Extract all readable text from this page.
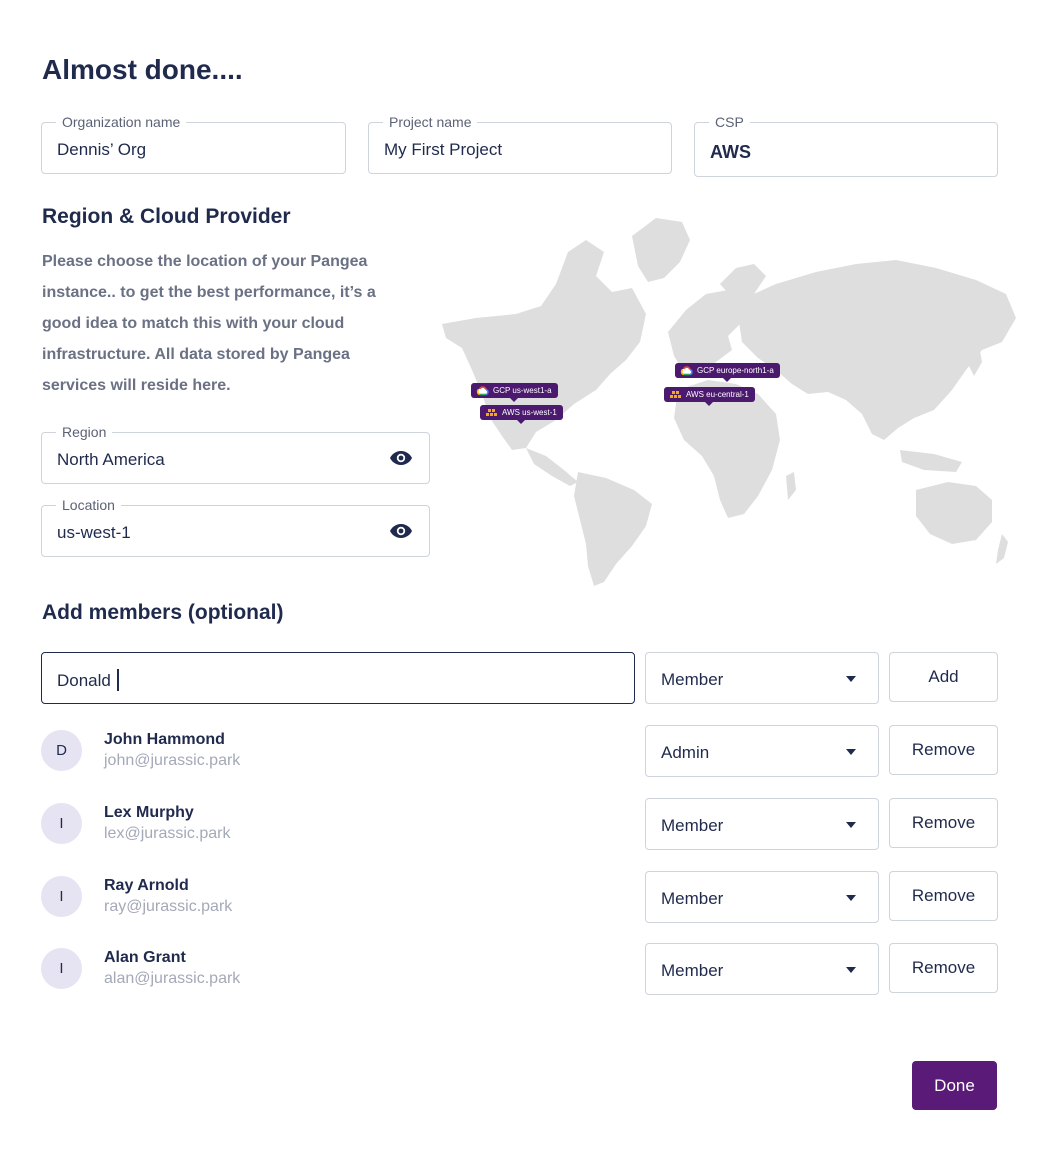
Almost done....
Organization name
Dennis’ Org
Project name
My First Project
CSP
AWS
Region & Cloud Provider
Please choose the location of your Pangea instance.. to get the best performance, it’s a good idea to match this with your cloud infrastructure. All data stored by Pangea services will reside here.
Region
North America
Location
us-west-1
GCP us-west1-a
AWS us-west-1
GCP europe-north1-a
AWS eu-central-1
Add members (optional)
Donald	Member	Add
D
John Hammond
john@jurassic.park	Admin	Remove
I
Lex Murphy
lex@jurassic.park	Member	Remove
I
Ray Arnold
ray@jurassic.park	Member	Remove
I
Alan Grant
alan@jurassic.park	Member	Remove
Done
